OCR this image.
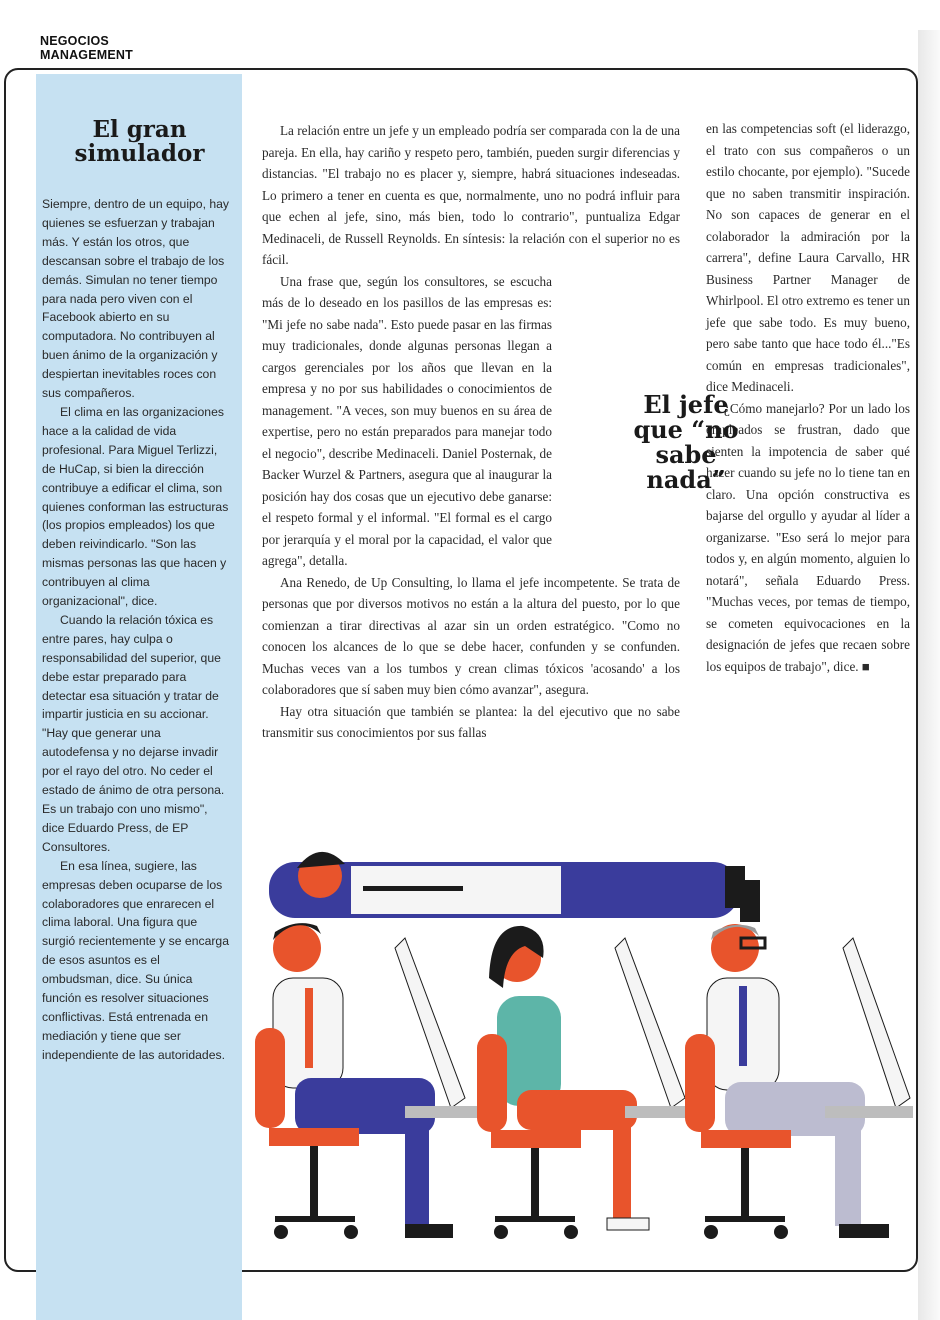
NEGOCIOS
MANAGEMENT
El gran simulador

Siempre, dentro de un equipo, hay quienes se esfuerzan y trabajan más. Y están los otros, que descansan sobre el trabajo de los demás. Simulan no tener tiempo para nada pero viven con el Facebook abierto en su computadora. No contribuyen al buen ánimo de la organización y despiertan inevitables roces con sus compañeros.

El clima en las organizaciones hace a la calidad de vida profesional. Para Miguel Terlizzi, de HuCap, si bien la dirección contribuye a edificar el clima, son quienes conforman las estructuras (los propios empleados) los que deben reivindicarlo. "Son las mismas personas las que hacen y contribuyen al clima organizacional", dice.

Cuando la relación tóxica es entre pares, hay culpa o responsabilidad del superior, que debe estar preparado para detectar esa situación y tratar de impartir justicia en su accionar. "Hay que generar una autodefensa y no dejarse invadir por el rayo del otro. No ceder el estado de ánimo de otra persona. Es un trabajo con uno mismo", dice Eduardo Press, de EP Consultores.

En esa línea, sugiere, las empresas deben ocuparse de los colaboradores que enrarecen el clima laboral. Una figura que surgió recientemente y se encarga de esos asuntos es el ombudsman, dice. Su única función es resolver situaciones conflictivas. Está entrenada en mediación y tiene que ser independiente de las autoridades.

La relación entre un jefe y un empleado podría ser comparada con la de una pareja. En ella, hay cariño y respeto pero, también, pueden surgir diferencias y distancias. "El trabajo no es placer y, siempre, habrá situaciones indeseadas. Lo primero a tener en cuenta es que, normalmente, uno no podrá influir para que echen al jefe, sino, más bien, todo lo contrario", puntualiza Edgar Medinaceli, de Russell Reynolds. En síntesis: la relación con el superior no es fácil.

Una frase que, según los consultores, se escucha más de lo deseado en los pasillos de las empresas es: "Mi jefe no sabe nada". Esto puede pasar en las firmas muy tradicionales, donde algunas personas llegan a cargos gerenciales por los años que llevan en la empresa y no por sus habilidades o conocimientos de management. "A veces, son muy buenos en su área de expertise, pero no están preparados para manejar todo el negocio", describe Medinaceli. Daniel Posternak, de Backer Wurzel & Partners, asegura que al inaugurar la posición hay dos cosas que un ejecutivo debe ganarse: el respeto formal y el informal. "El formal es el cargo por jerarquía y el moral por la capacidad, el valor que agrega", detalla.

Ana Renedo, de Up Consulting, lo llama el jefe incompetente. Se trata de personas que por diversos motivos no están a la altura del puesto, por lo que comienzan a tirar directivas al azar sin un orden estratégico. "Como no conocen los alcances de lo que se debe hacer, confunden y se confunden. Muchas veces van a los tumbos y crean climas tóxicos 'acosando' a los colaboradores que sí saben muy bien cómo avanzar", asegura.

Hay otra situación que también se plantea: la del ejecutivo que no sabe transmitir sus conocimientos por sus fallas

en las competencias soft (el liderazgo, el trato con sus compañeros o un estilo chocante, por ejemplo). "Sucede que no saben transmitir inspiración. No son capaces de generar en el colaborador la admiración por la carrera", define Laura Carvallo, HR Business Partner Manager de Whirlpool. El otro extremo es tener un jefe que sabe todo. Es muy bueno, pero sabe tanto que hace todo él..."Es común en empresas tradicionales", dice Medinaceli.

¿Cómo manejarlo? Por un lado los empleados se frustran, dado que sienten la impotencia de saber qué hacer cuando su jefe no lo tiene tan en claro. Una opción constructiva es bajarse del orgullo y ayudar al líder a organizarse. "Eso será lo mejor para todos y, en algún momento, alguien lo notará", señala Eduardo Press. "Muchas veces, por temas de tiempo, se cometen equivocaciones en la designación de jefes que recaen sobre los equipos de trabajo", dice. ■

El jefe que “no sabe nada”
